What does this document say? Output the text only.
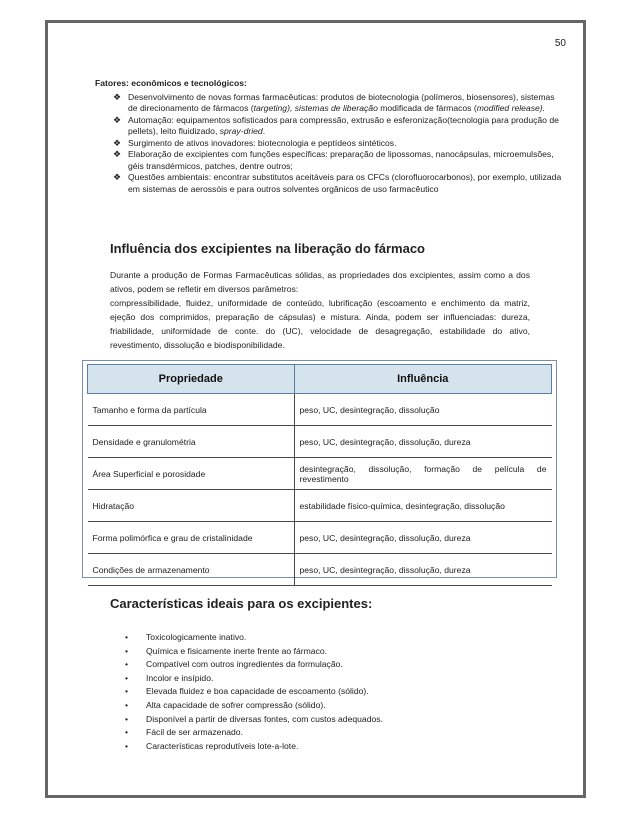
50
Fatores: econômicos e tecnológicos:
❖ Desenvolvimento de novas formas farmacêuticas: produtos de biotecnologia (polímeros, biosensores), sistemas de direcionamento de fármacos (targeting), sistemas de liberação modificada de fármacos (modified release).
❖ Automação: equipamentos sofisticados para compressão, extrusão e esferonização(tecnologia para produção de pellets), leito fluidizado, spray-dried.
❖ Surgimento de ativos inovadores: biotecnologia e peptídeos sintéticos.
❖ Elaboração de excipientes com funções específicas: preparação de lipossomas, nanocápsulas, microemulsões, géis transdérmicos, patches, dentre outros;
❖ Questões ambientais: encontrar substitutos aceitáveis para os CFCs (clorofluorocarbonos), por exemplo, utilizada em sistemas de aerossóis e para outros solventes orgânicos de uso farmacêutico
Influência dos excipientes na liberação do fármaco
Durante a produção de Formas Farmacêuticas sólidas, as propriedades dos excipientes, assim como a dos ativos, podem se refletir em diversos parâmetros:
compressibilidade, fluidez, uniformidade de conteúdo, lubrificação (escoamento e enchimento da matriz, ejeção dos comprimidos, preparação de cápsulas) e mistura. Ainda, podem ser influenciadas: dureza, friabilidade, uniformidade de conte. do (UC), velocidade de desagregação, estabilidade do ativo, revestimento, dissolução e biodisponibilidade.
Propriedade	Influência
Tamanho e forma da partícula	peso, UC, desintegração, dissolução
Densidade e granulométria	peso, UC, desintegração, dissolução, dureza
Área Superficial e porosidade	desintegração, dissolução, formação de película de revestimento
Hidratação	estabilidade físico-química, desintegração, dissolução
Forma polimórfica e grau de cristalinidade	peso, UC, desintegração, dissolução, dureza
Condições de armazenamento	peso, UC, desintegração, dissolução, dureza
Características ideais para os excipientes:
• Toxicologicamente inativo.
• Química e fisicamente inerte frente ao fármaco.
• Compatível com outros ingredientes da formulação.
• Incolor e insípido.
• Elevada fluidez e boa capacidade de escoamento (sólido).
• Alta capacidade de sofrer compressão (sólido).
• Disponível a partir de diversas fontes, com custos adequados.
• Fácil de ser armazenado.
• Características reprodutíveis lote-a-lote.
